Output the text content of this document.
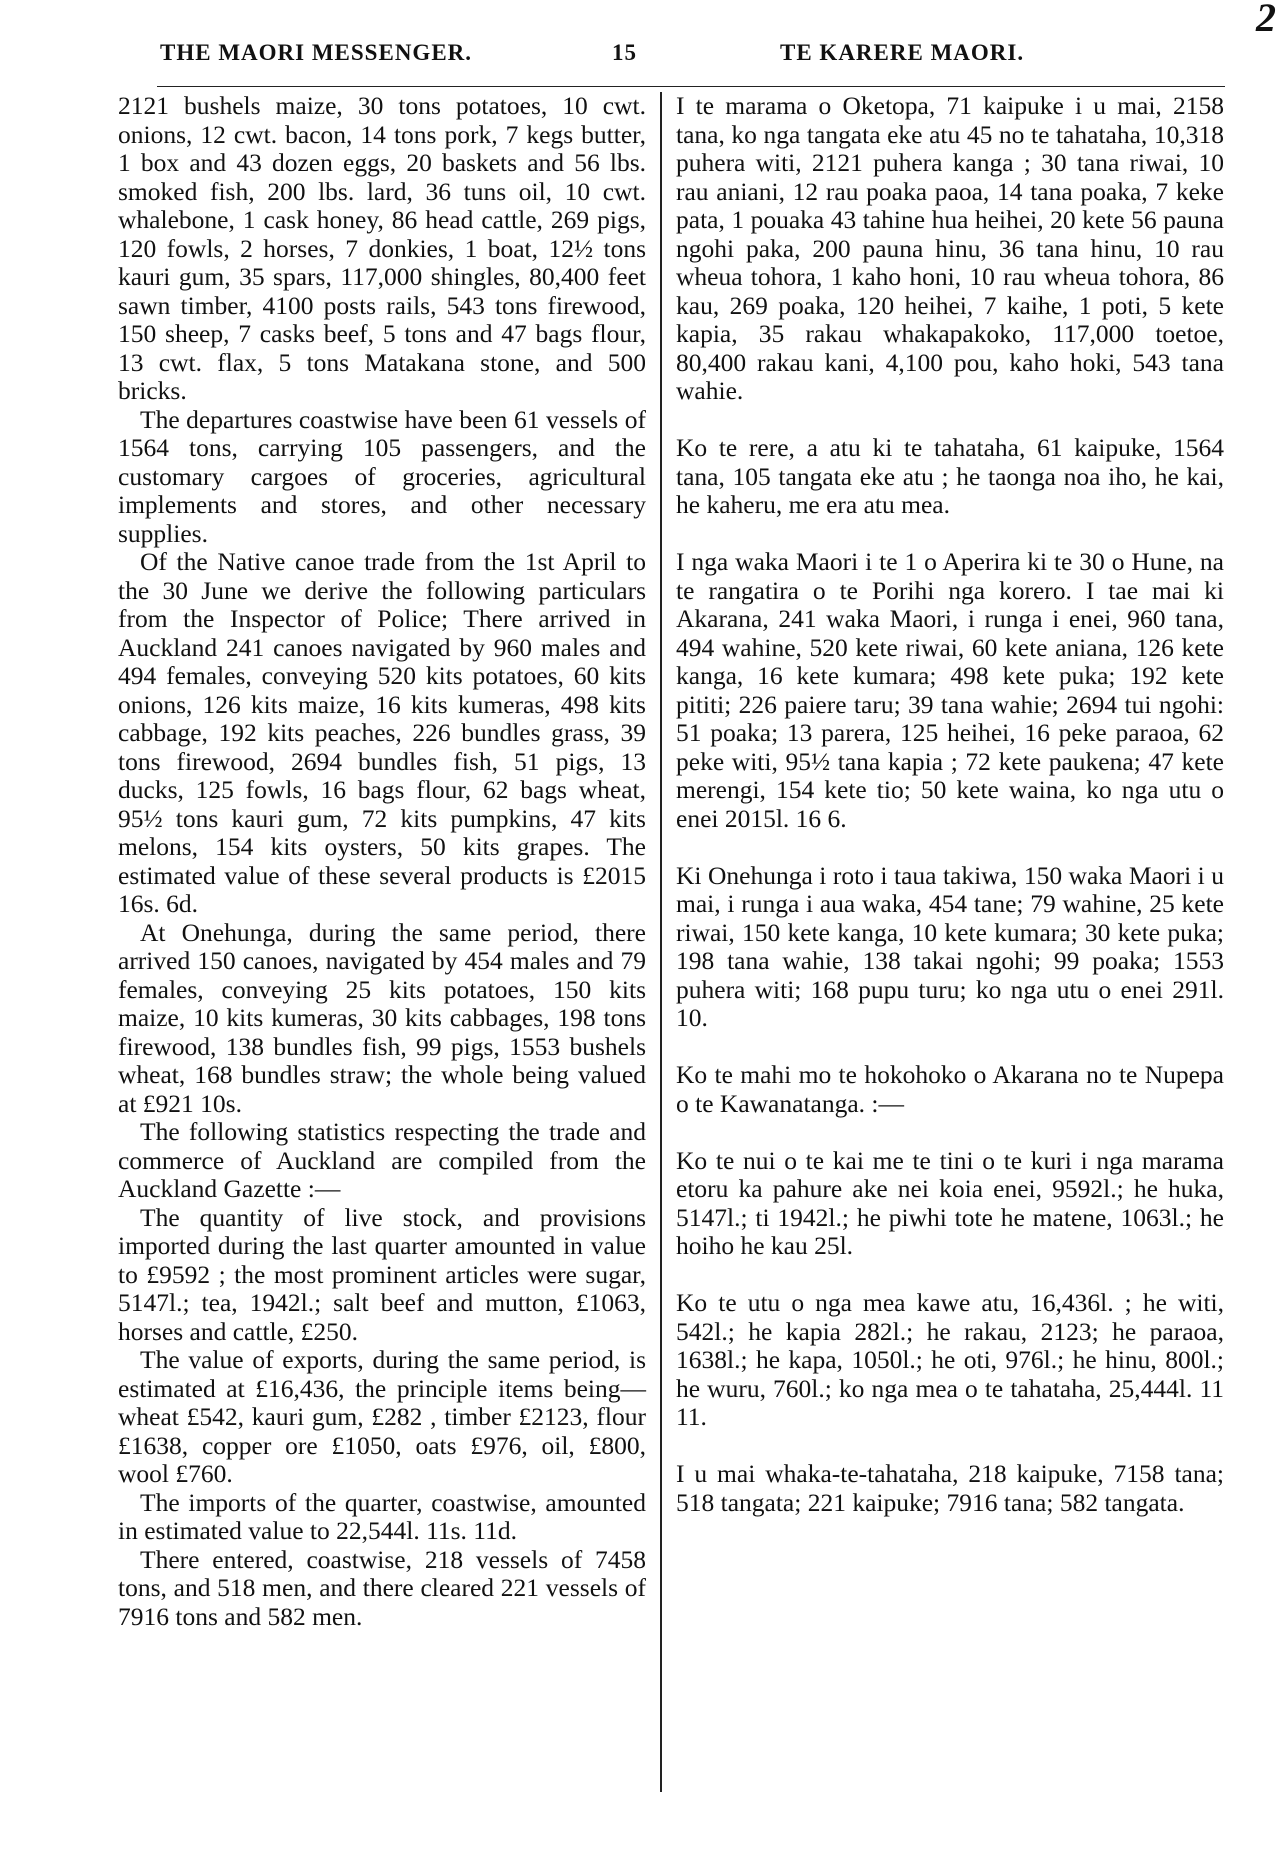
2
THE MAORI MESSENGER.	15	TE KARERE MAORI.

2121 bushels maize, 30 tons potatoes, 10 cwt. onions, 12 cwt. bacon, 14 tons pork, 7 kegs butter, 1 box and 43 dozen eggs, 20 baskets and 56 lbs. smoked fish, 200 lbs. lard, 36 tuns oil, 10 cwt. whalebone, 1 cask honey, 86 head cattle, 269 pigs, 120 fowls, 2 horses, 7 donkies, 1 boat, 12½ tons kauri gum, 35 spars, 117,000 shingles, 80,400 feet sawn timber, 4100 posts rails, 543 tons firewood, 150 sheep, 7 casks beef, 5 tons and 47 bags flour, 13 cwt. flax, 5 tons Matakana stone, and 500 bricks.

The departures coastwise have been 61 vessels of 1564 tons, carrying 105 passengers, and the customary cargoes of groceries, agricultural implements and stores, and other necessary supplies.

Of the Native canoe trade from the 1st April to the 30 June we derive the following particulars from the Inspector of Police; There arrived in Auckland 241 canoes navigated by 960 males and 494 females, conveying 520 kits potatoes, 60 kits onions, 126 kits maize, 16 kits kumeras, 498 kits cabbage, 192 kits peaches, 226 bundles grass, 39 tons firewood, 2694 bundles fish, 51 pigs, 13 ducks, 125 fowls, 16 bags flour, 62 bags wheat, 95½ tons kauri gum, 72 kits pumpkins, 47 kits melons, 154 kits oysters, 50 kits grapes. The estimated value of these several products is £2015 16s. 6d.

At Onehunga, during the same period, there arrived 150 canoes, navigated by 454 males and 79 females, conveying 25 kits potatoes, 150 kits maize, 10 kits kumeras, 30 kits cabbages, 198 tons firewood, 138 bundles fish, 99 pigs, 1553 bushels wheat, 168 bundles straw; the whole being valued at £921 10s.

The following statistics respecting the trade and commerce of Auckland are compiled from the Auckland Gazette :—

The quantity of live stock, and provisions imported during the last quarter amounted in value to £9592 ; the most prominent articles were sugar, 5147l.; tea, 1942l.; salt beef and mutton, £1063, horses and cattle, £250.

The value of exports, during the same period, is estimated at £16,436, the principle items being—wheat £542, kauri gum, £282 , timber £2123, flour £1638, copper ore £1050, oats £976, oil, £800, wool £760.

The imports of the quarter, coastwise, amounted in estimated value to 22,544l. 11s. 11d.

There entered, coastwise, 218 vessels of 7458 tons, and 518 men, and there cleared 221 vessels of 7916 tons and 582 men.

I te marama o Oketopa, 71 kaipuke i u mai, 2158 tana, ko nga tangata eke atu 45 no te tahataha, 10,318 puhera witi, 2121 puhera kanga ; 30 tana riwai, 10 rau aniani, 12 rau poaka paoa, 14 tana poaka, 7 keke pata, 1 pouaka 43 tahine hua heihei, 20 kete 56 pauna ngohi paka, 200 pauna hinu, 36 tana hinu, 10 rau wheua tohora, 1 kaho honi, 10 rau wheua tohora, 86 kau, 269 poaka, 120 heihei, 7 kaihe, 1 poti, 5 kete kapia, 35 rakau whakapakoko, 117,000 toetoe, 80,400 rakau kani, 4,100 pou, kaho hoki, 543 tana wahie.

Ko te rere, a atu ki te tahataha, 61 kaipuke, 1564 tana, 105 tangata eke atu ; he taonga noa iho, he kai, he kaheru, me era atu mea.

I nga waka Maori i te 1 o Aperira ki te 30 o Hune, na te rangatira o te Porihi nga korero. I tae mai ki Akarana, 241 waka Maori, i runga i enei, 960 tana, 494 wahine, 520 kete riwai, 60 kete aniana, 126 kete kanga, 16 kete kumara; 498 kete puka; 192 kete pititi; 226 paiere taru; 39 tana wahie; 2694 tui ngohi: 51 poaka; 13 parera, 125 heihei, 16 peke paraoa, 62 peke witi, 95½ tana kapia ; 72 kete paukena; 47 kete merengi, 154 kete tio; 50 kete waina, ko nga utu o enei 2015l. 16 6.

Ki Onehunga i roto i taua takiwa, 150 waka Maori i u mai, i runga i aua waka, 454 tane; 79 wahine, 25 kete riwai, 150 kete kanga, 10 kete kumara; 30 kete puka; 198 tana wahie, 138 takai ngohi; 99 poaka; 1553 puhera witi; 168 pupu turu; ko nga utu o enei 291l. 10.

Ko te mahi mo te hokohoko o Akarana no te Nupepa o te Kawanatanga. :—

Ko te nui o te kai me te tini o te kuri i nga marama etoru ka pahure ake nei koia enei, 9592l.; he huka, 5147l.; ti 1942l.; he piwhi tote he matene, 1063l.; he hoiho he kau 25l.

Ko te utu o nga mea kawe atu, 16,436l. ; he witi, 542l.; he kapia 282l.; he rakau, 2123; he paraoa, 1638l.; he kapa, 1050l.; he oti, 976l.; he hinu, 800l.; he wuru, 760l.; ko nga mea o te tahataha, 25,444l. 11 11.

I u mai whaka-te-tahataha, 218 kaipuke, 7158 tana; 518 tangata; 221 kaipuke; 7916 tana; 582 tangata.
